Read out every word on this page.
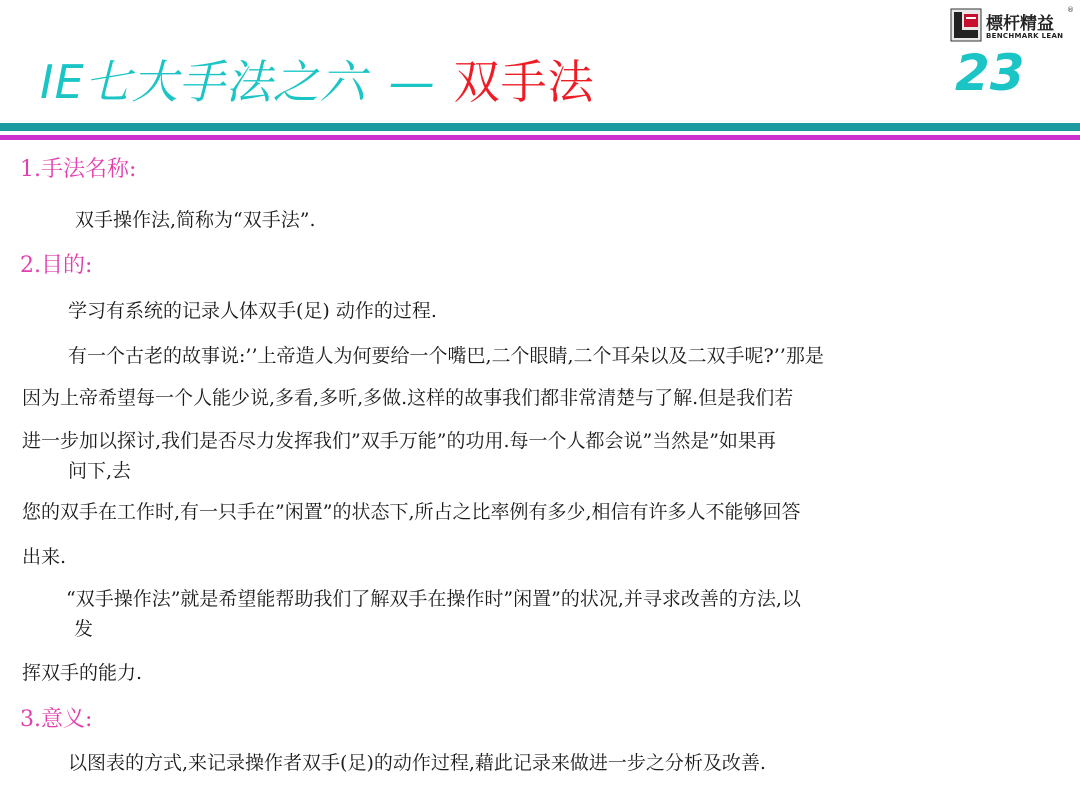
標杆精益
®
BENCHMARK LEAN
IE七大手法之六 — 双手法	23
1.手法名称:
双手操作法,简称为“双手法”.
2.目的:
学习有系统的记录人体双手(足) 动作的过程.
有一个古老的故事说:’’上帝造人为何要给一个嘴巴,二个眼睛,二个耳朵以及二双手呢?’’那是
因为上帝希望每一个人能少说,多看,多听,多做.这样的故事我们都非常清楚与了解.但是我们若
进一步加以探讨,我们是否尽力发挥我们”双手万能”的功用.每一个人都会说”当然是”如果再
问下,去
您的双手在工作时,有一只手在”闲置”的状态下,所占之比率例有多少,相信有许多人不能够回答
出来.
“双手操作法”就是希望能帮助我们了解双手在操作时”闲置”的状况,并寻求改善的方法,以
发
挥双手的能力.
3.意义:
以图表的方式,来记录操作者双手(足)的动作过程,藉此记录来做进一步之分析及改善.
